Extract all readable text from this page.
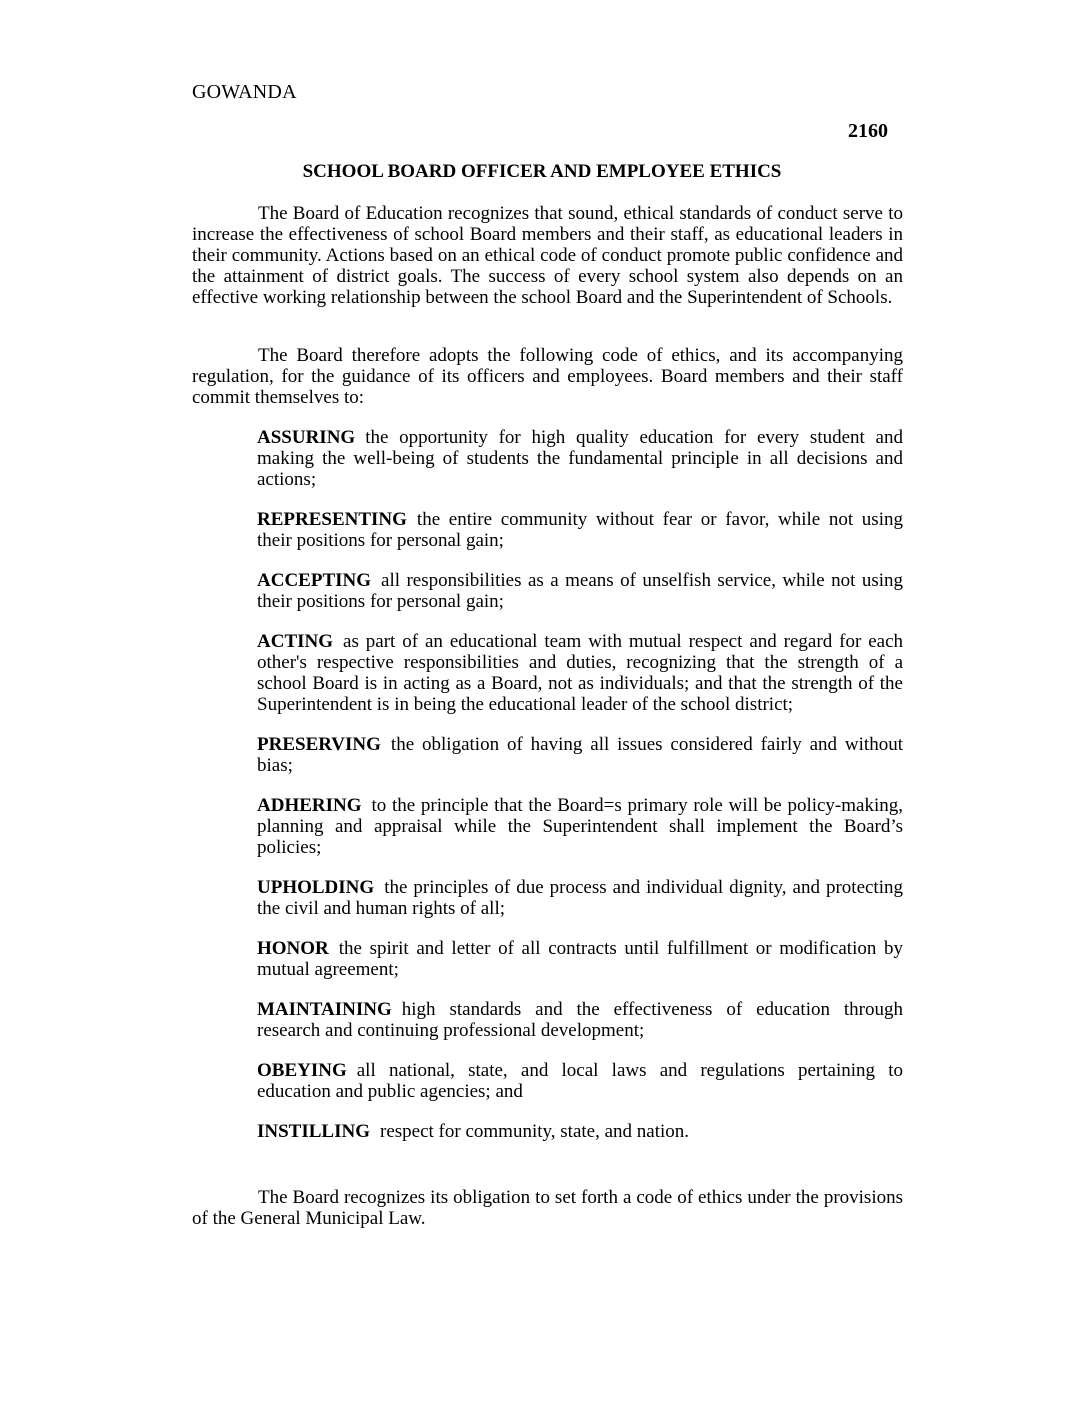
GOWANDA
2160
SCHOOL BOARD OFFICER AND EMPLOYEE ETHICS

The Board of Education recognizes that sound, ethical standards of conduct serve to increase the effectiveness of school Board members and their staff, as educational leaders in their community. Actions based on an ethical code of conduct promote public confidence and the attainment of district goals. The success of every school system also depends on an effective working relationship between the school Board and the Superintendent of Schools.

The Board therefore adopts the following code of ethics, and its accompanying regulation, for the guidance of its officers and employees. Board members and their staff commit themselves to:

ASSURING the opportunity for high quality education for every student and making the well-being of students the fundamental principle in all decisions and actions;
REPRESENTING the entire community without fear or favor, while not using their positions for personal gain;
ACCEPTING all responsibilities as a means of unselfish service, while not using their positions for personal gain;
ACTING as part of an educational team with mutual respect and regard for each other's respective responsibilities and duties, recognizing that the strength of a school Board is in acting as a Board, not as individuals; and that the strength of the Superintendent is in being the educational leader of the school district;
PRESERVING the obligation of having all issues considered fairly and without bias;
ADHERING to the principle that the Board=s primary role will be policy-making, planning and appraisal while the Superintendent shall implement the Board’s policies;
UPHOLDING the principles of due process and individual dignity, and protecting the civil and human rights of all;
HONOR the spirit and letter of all contracts until fulfillment or modification by mutual agreement;
MAINTAINING high standards and the effectiveness of education through research and continuing professional development;
OBEYING all national, state, and local laws and regulations pertaining to education and public agencies; and
INSTILLING respect for community, state, and nation.

The Board recognizes its obligation to set forth a code of ethics under the provisions of the General Municipal Law.
